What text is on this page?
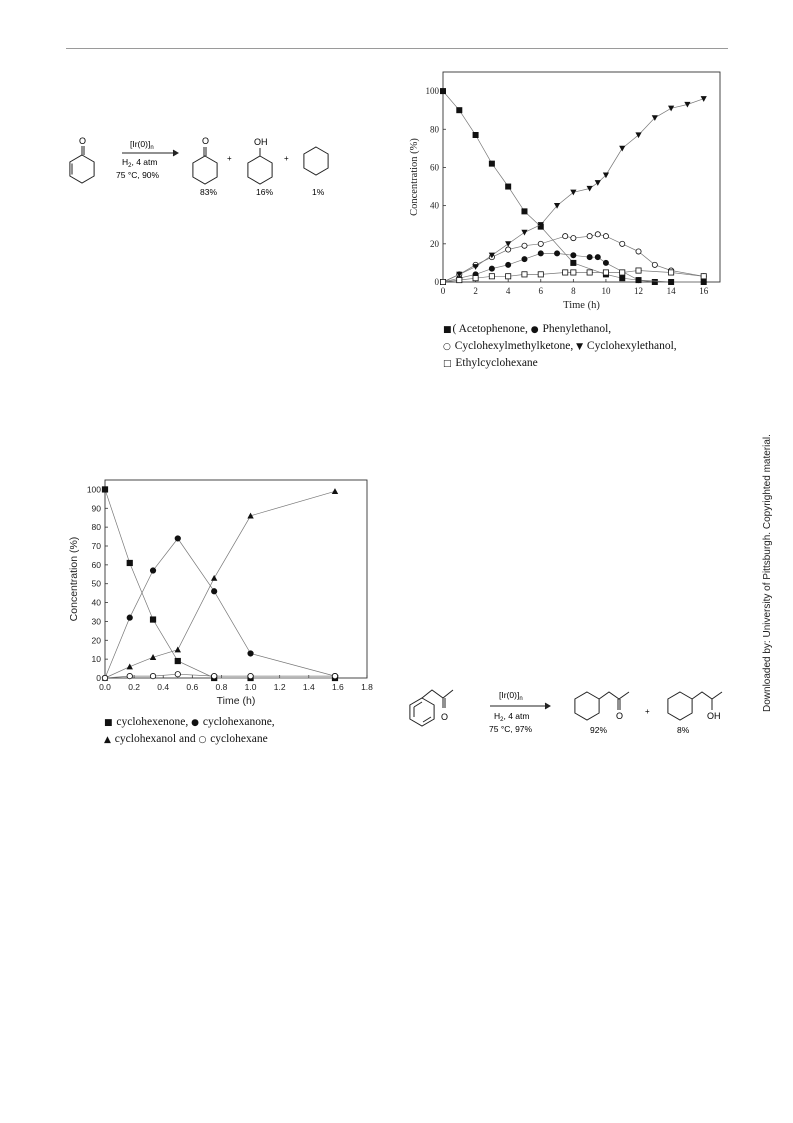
O	O	OH
$[Ir(0)]_n$
$H_2$, 4 atm
75 °C, 90%
+	+
83%	16%	1%
0	2	4	6	8	10	12	14	16
0
20
40
60
80
100
Time (h)
Concentration (%)
■( Acetophenone, ● Phenylethanol,
○ Cyclohexylmethylketone, ▼ Cyclohexylethanol,
□ Ethylcyclohexane
0.0 0.2 0.4 0.6 0.8 1.0 1.2 1.4 1.6 1.8
0
10
20
30
40
50
60
70
80
90
100
Time (h)
Concentration (%)
■ cyclohexenone, ● cyclohexanone,
▲ cyclohexanol and ○ cyclohexane
O
$[Ir(0)]_n$
$H_2$, 4 atm
75 °C, 97%
O	+	OH
92%	8%
Downloaded by: University of Pittsburgh. Copyrighted material.
